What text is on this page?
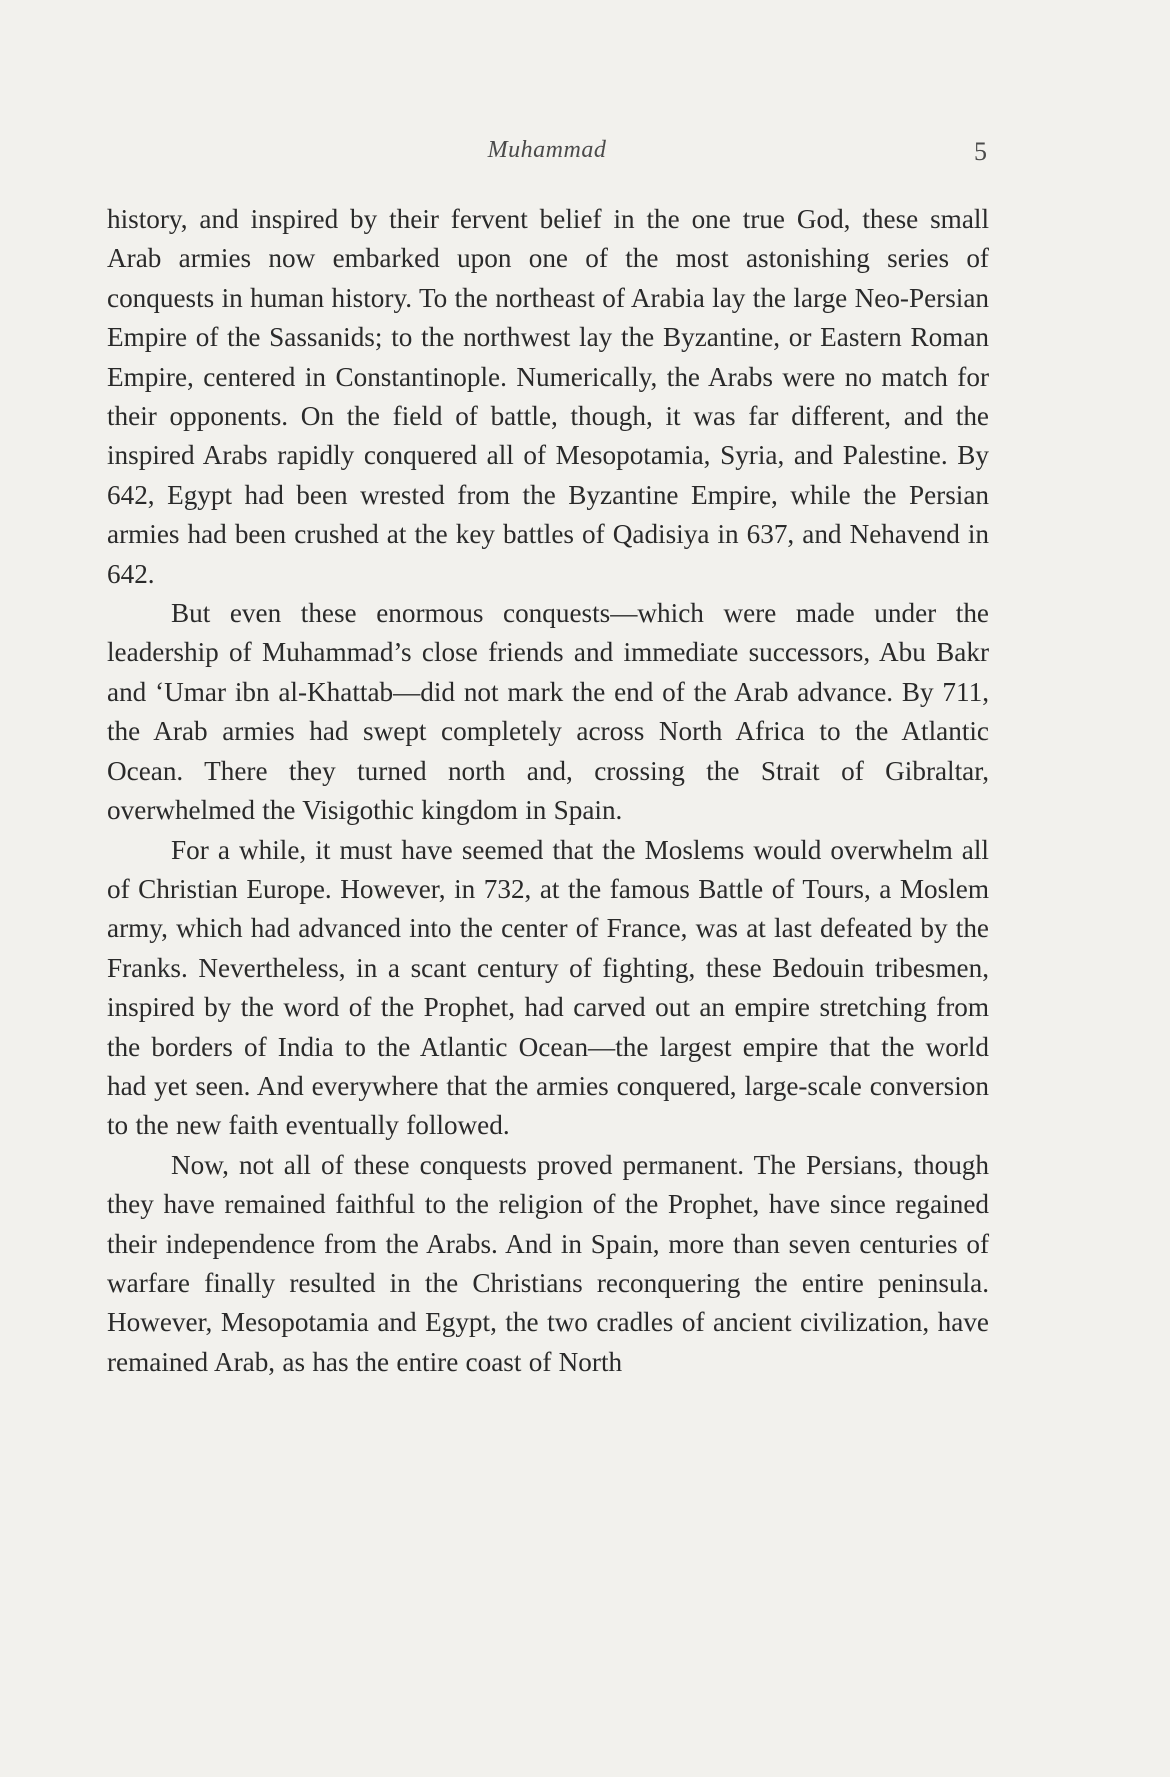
Muhammad	5

history, and inspired by their fervent belief in the one true God, these small Arab armies now embarked upon one of the most astonishing series of conquests in human history. To the northeast of Arabia lay the large Neo-Persian Empire of the Sassanids; to the northwest lay the Byzantine, or Eastern Roman Empire, centered in Constantinople. Numerically, the Arabs were no match for their opponents. On the field of battle, though, it was far different, and the inspired Arabs rapidly conquered all of Mesopotamia, Syria, and Palestine. By 642, Egypt had been wrested from the Byzantine Empire, while the Persian armies had been crushed at the key battles of Qadisiya in 637, and Nehavend in 642.

But even these enormous conquests—which were made under the leadership of Muhammad’s close friends and immediate successors, Abu Bakr and ‘Umar ibn al-Khattab—did not mark the end of the Arab advance. By 711, the Arab armies had swept completely across North Africa to the Atlantic Ocean. There they turned north and, crossing the Strait of Gibraltar, overwhelmed the Visigothic kingdom in Spain.

For a while, it must have seemed that the Moslems would overwhelm all of Christian Europe. However, in 732, at the famous Battle of Tours, a Moslem army, which had advanced into the center of France, was at last defeated by the Franks. Nevertheless, in a scant century of fighting, these Bedouin tribesmen, inspired by the word of the Prophet, had carved out an empire stretching from the borders of India to the Atlantic Ocean—the largest empire that the world had yet seen. And everywhere that the armies conquered, large-scale conversion to the new faith eventually followed.

Now, not all of these conquests proved permanent. The Persians, though they have remained faithful to the religion of the Prophet, have since regained their independence from the Arabs. And in Spain, more than seven centuries of warfare finally resulted in the Christians reconquering the entire peninsula. However, Mesopotamia and Egypt, the two cradles of ancient civilization, have remained Arab, as has the entire coast of North
